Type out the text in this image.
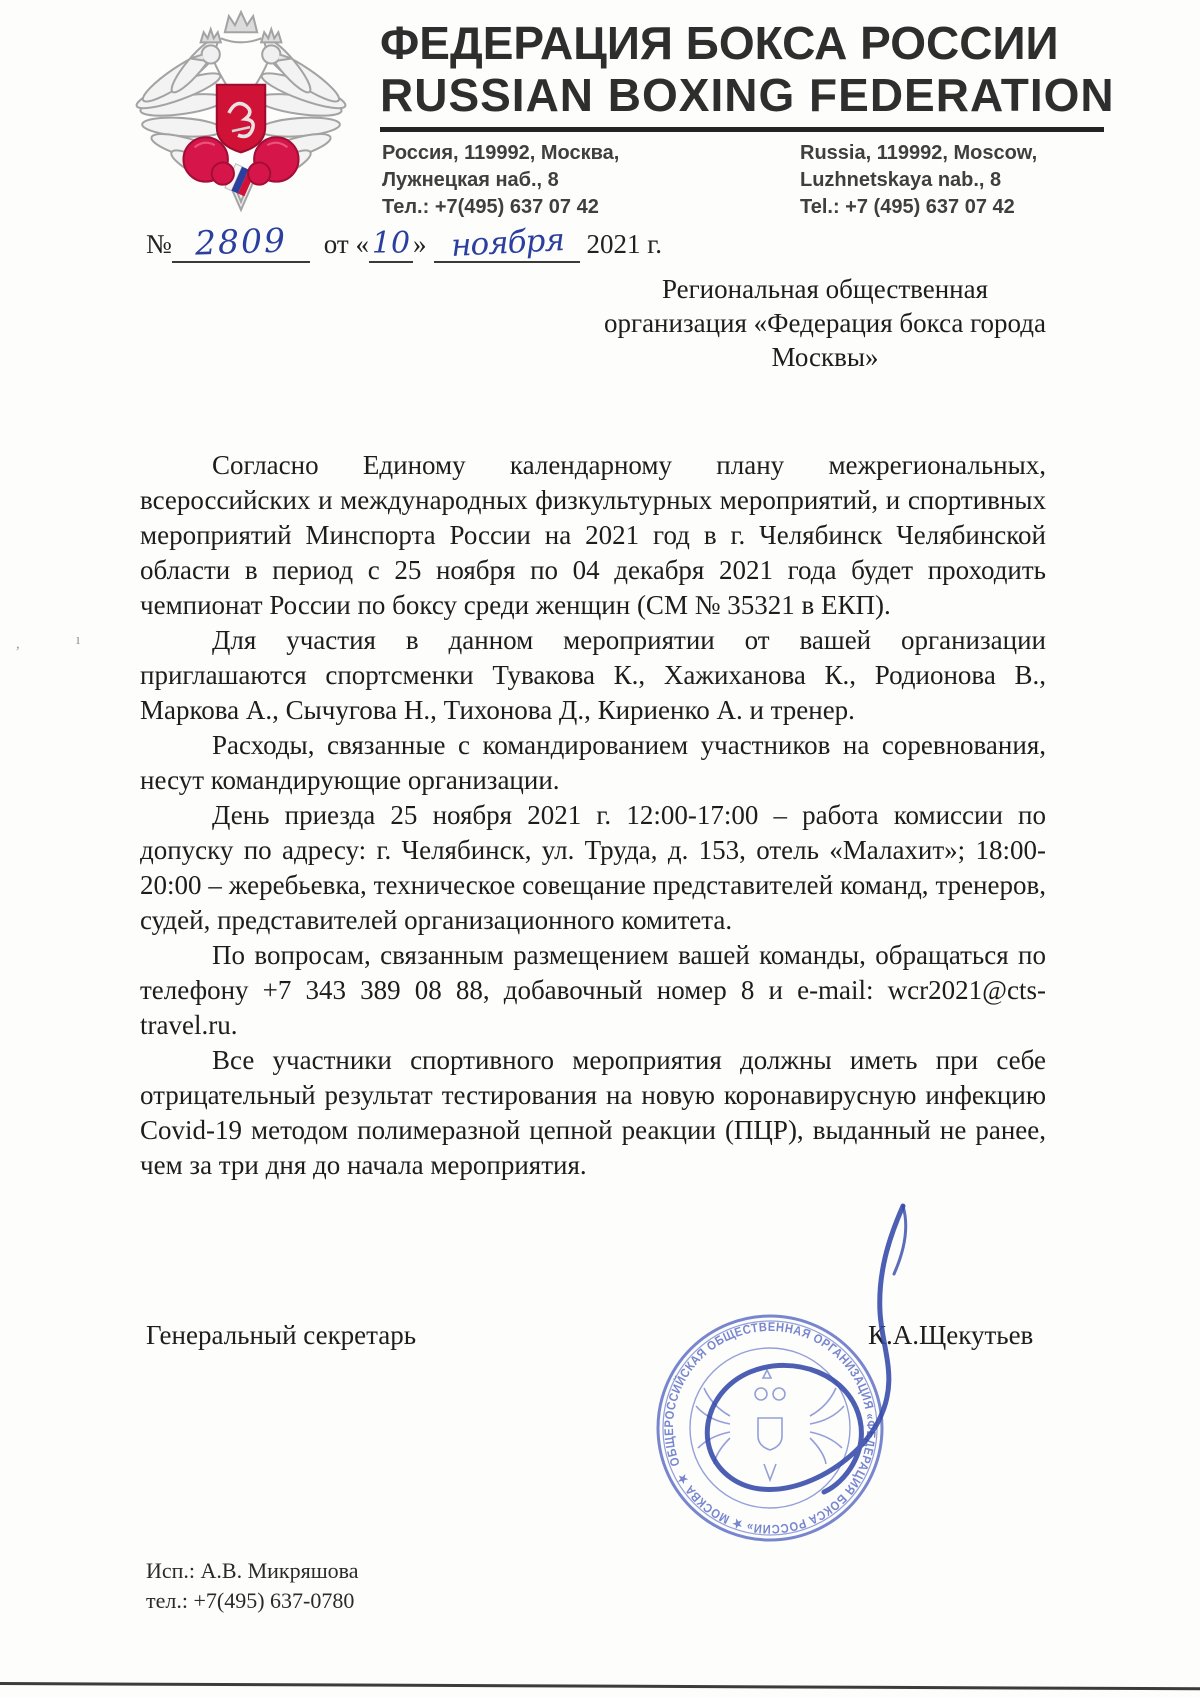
ФЕДЕРАЦИЯ БОКСА РОССИИ
RUSSIAN BOXING FEDERATION
Россия, 119992, Москва,
Лужнецкая наб., 8
Тел.: +7(495) 637 07 42
Russia, 119992, Moscow,
Luzhnetskaya nab., 8
Tel.: +7 (495) 637 07 42
№ 2809	от « 10 » ноября 2021 г.
Региональная общественная
организация «Федерация бокса города
Москвы»

Согласно Единому календарному плану межрегиональных, всероссийских и международных физкультурных мероприятий, и спортивных мероприятий Минспорта России на 2021 год в г. Челябинск Челябинской области в период с 25 ноября по 04 декабря 2021 года будет проходить чемпионат России по боксу среди женщин (СМ № 35321 в ЕКП).

Для участия в данном мероприятии от вашей организации приглашаются спортсменки Тувакова К., Хажиханова К., Родионова В., Маркова А., Сычугова Н., Тихонова Д., Кириенко А. и тренер.

Расходы, связанные с командированием участников на соревнования, несут командирующие организации.

День приезда 25 ноября 2021 г. 12:00-17:00 – работа комиссии по допуску по адресу: г. Челябинск, ул. Труда, д. 153, отель «Малахит»; 18:00-20:00 – жеребьевка, техническое совещание представителей команд, тренеров, судей, представителей организационного комитета.

По вопросам, связанным размещением вашей команды, обращаться по телефону +7 343 389 08 88, добавочный номер 8 и e-mail: wcr2021@cts-travel.ru.

Все участники спортивного мероприятия должны иметь при себе отрицательный результат тестирования на новую коронавирусную инфекцию Covid-19 методом полимеразной цепной реакции (ПЦР), выданный не ранее, чем за три дня до начала мероприятия.

Генеральный секретарь	К.А.Щекутьев
ОБЩЕРОССИЙСКАЯ ОБЩЕСТВЕННАЯ ОРГАНИЗАЦИЯ «ФЕДЕРАЦИЯ БОКСА РОССИИ» ★ МОСКВА ★
Исп.: А.В. Микряшова
тел.: +7(495) 637-0780
,	ı
